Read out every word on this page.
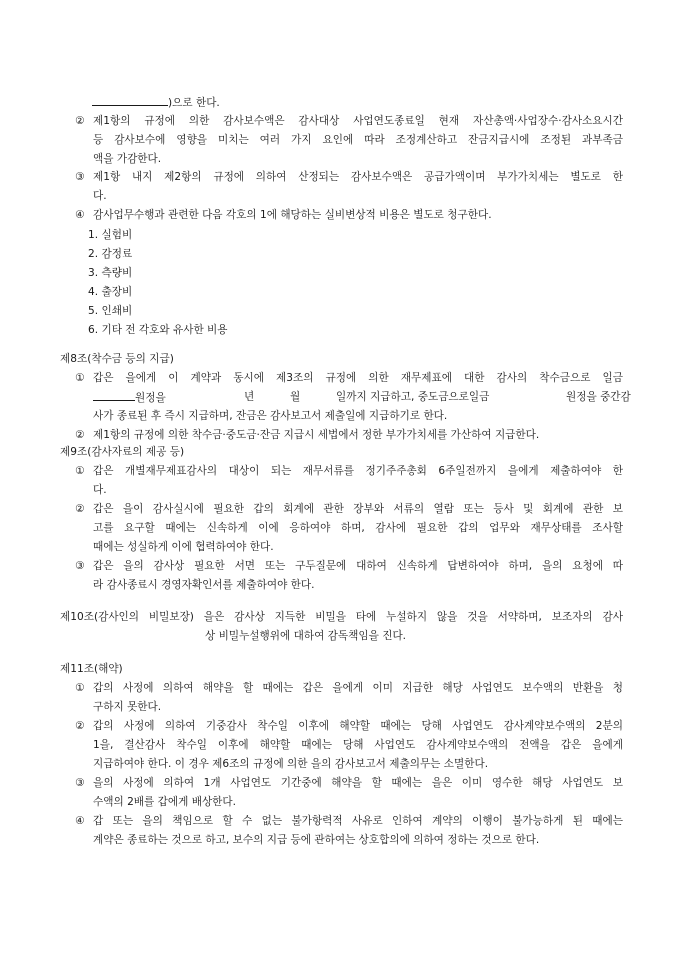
)으로 한다.
② 제1항의 규정에 의한 감사보수액은 감사대상 사업연도종료일 현재 자산총액·사업장수·감사소요시간
등 감사보수에 영향을 미치는 여러 가지 요인에 따라 조정계산하고 잔금지급시에 조정된 과부족금
액을 가감한다.
③ 제1항 내지 제2항의 규정에 의하여 산정되는 감사보수액은 공급가액이며 부가가치세는 별도로 한
다.
④ 감사업무수행과 관련한 다음 각호의 1에 해당하는 실비변상적 비용은 별도로 청구한다.
1. 실험비
2. 감정료
3. 측량비
4. 출장비
5. 인쇄비
6. 기타 전 각호와 유사한 비용
제8조(착수금 등의 지급)
① 갑은 을에게 이 계약과 동시에 제3조의 규정에 의한 재무제표에 대한 감사의 착수금으로 일금
원정을	년	월	일까지 지급하고, 중도금으로일금	원정을 중간감
사가 종료된 후 즉시 지급하며, 잔금은 감사보고서 제출일에 지급하기로 한다.
② 제1항의 규정에 의한 착수금·중도금·잔금 지급시 세법에서 정한 부가가치세를 가산하여 지급한다.
제9조(감사자료의 제공 등)
① 갑은 개별재무제표감사의 대상이 되는 재무서류를 정기주주총회 6주일전까지 을에게 제출하여야 한
다.
② 갑은 을이 감사실시에 필요한 갑의 회계에 관한 장부와 서류의 열람 또는 등사 및 회계에 관한 보
고를 요구할 때에는 신속하게 이에 응하여야 하며, 감사에 필요한 갑의 업무와 재무상태를 조사할
때에는 성실하게 이에 협력하여야 한다.
③ 갑은 을의 감사상 필요한 서면 또는 구두질문에 대하여 신속하게 답변하여야 하며, 을의 요청에 따
라 감사종료시 경영자확인서를 제출하여야 한다.
제10조(감사인의 비밀보장) 을은 감사상 지득한 비밀을 타에 누설하지 않을 것을 서약하며, 보조자의 감사
상 비밀누설행위에 대하여 감독책임을 진다.
제11조(해약)
① 갑의 사정에 의하여 해약을 할 때에는 갑은 을에게 이미 지급한 해당 사업연도 보수액의 반환을 청
구하지 못한다.
② 갑의 사정에 의하여 기중감사 착수일 이후에 해약할 때에는 당해 사업연도 감사계약보수액의 2분의
1을, 결산감사 착수일 이후에 해약할 때에는 당해 사업연도 감사계약보수액의 전액을 갑은 을에게
지급하여야 한다. 이 경우 제6조의 규정에 의한 을의 감사보고서 제출의무는 소멸한다.
③ 을의 사정에 의하여 1개 사업연도 기간중에 해약을 할 때에는 을은 이미 영수한 해당 사업연도 보
수액의 2배를 갑에게 배상한다.
④ 갑 또는 을의 책임으로 할 수 없는 불가항력적 사유로 인하여 계약의 이행이 불가능하게 된 때에는
계약은 종료하는 것으로 하고, 보수의 지급 등에 관하여는 상호합의에 의하여 정하는 것으로 한다.
